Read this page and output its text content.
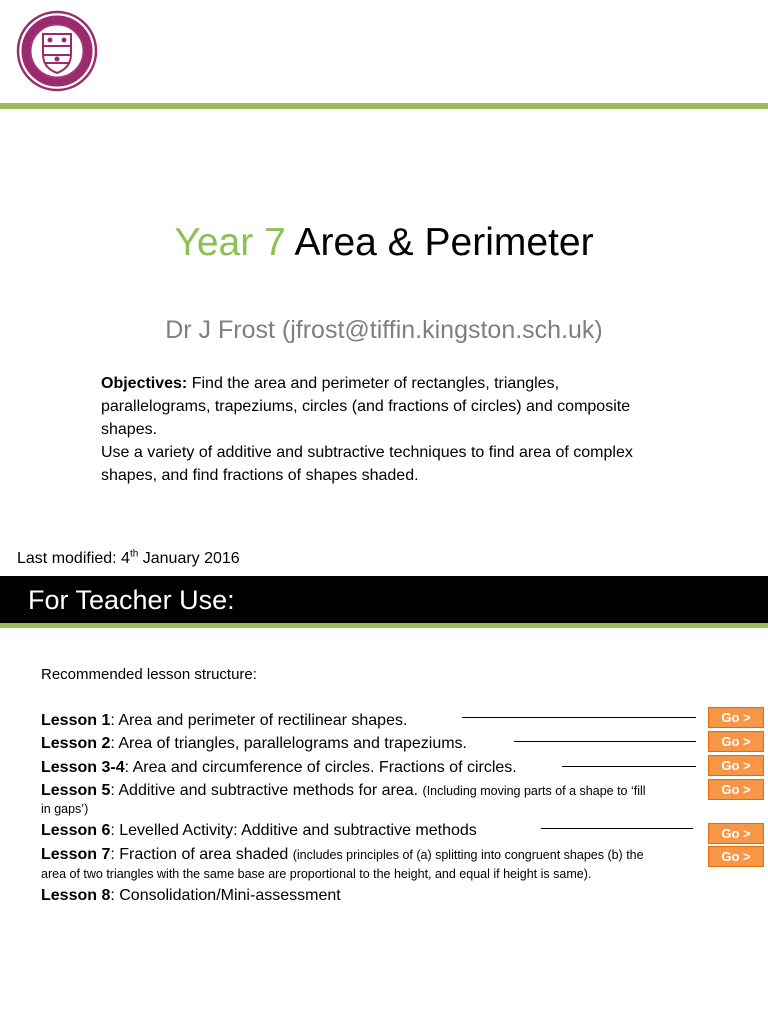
Year 7 Area & Perimeter
Dr J Frost (jfrost@tiffin.kingston.sch.uk)
Objectives: Find the area and perimeter of rectangles, triangles, parallelograms, trapeziums, circles (and fractions of circles) and composite shapes.
Use a variety of additive and subtractive techniques to find area of complex shapes, and find fractions of shapes shaded.
Last modified: 4th January 2016
For Teacher Use:
Recommended lesson structure:
Lesson 1: Area and perimeter of rectilinear shapes.	Go >
Lesson 2: Area of triangles, parallelograms and trapeziums.	Go >
Lesson 3-4: Area and circumference of circles. Fractions of circles.	Go >
Lesson 5: Additive and subtractive methods for area. (Including moving parts of a shape to ‘fill
in gaps’)
Go >
Lesson 6: Levelled Activity: Additive and subtractive methods	Go >
Lesson 7: Fraction of area shaded (includes principles of (a) splitting into congruent shapes (b) the
area of two triangles with the same base are proportional to the height, and equal if height is same).
Go >
Lesson 8: Consolidation/Mini-assessment
